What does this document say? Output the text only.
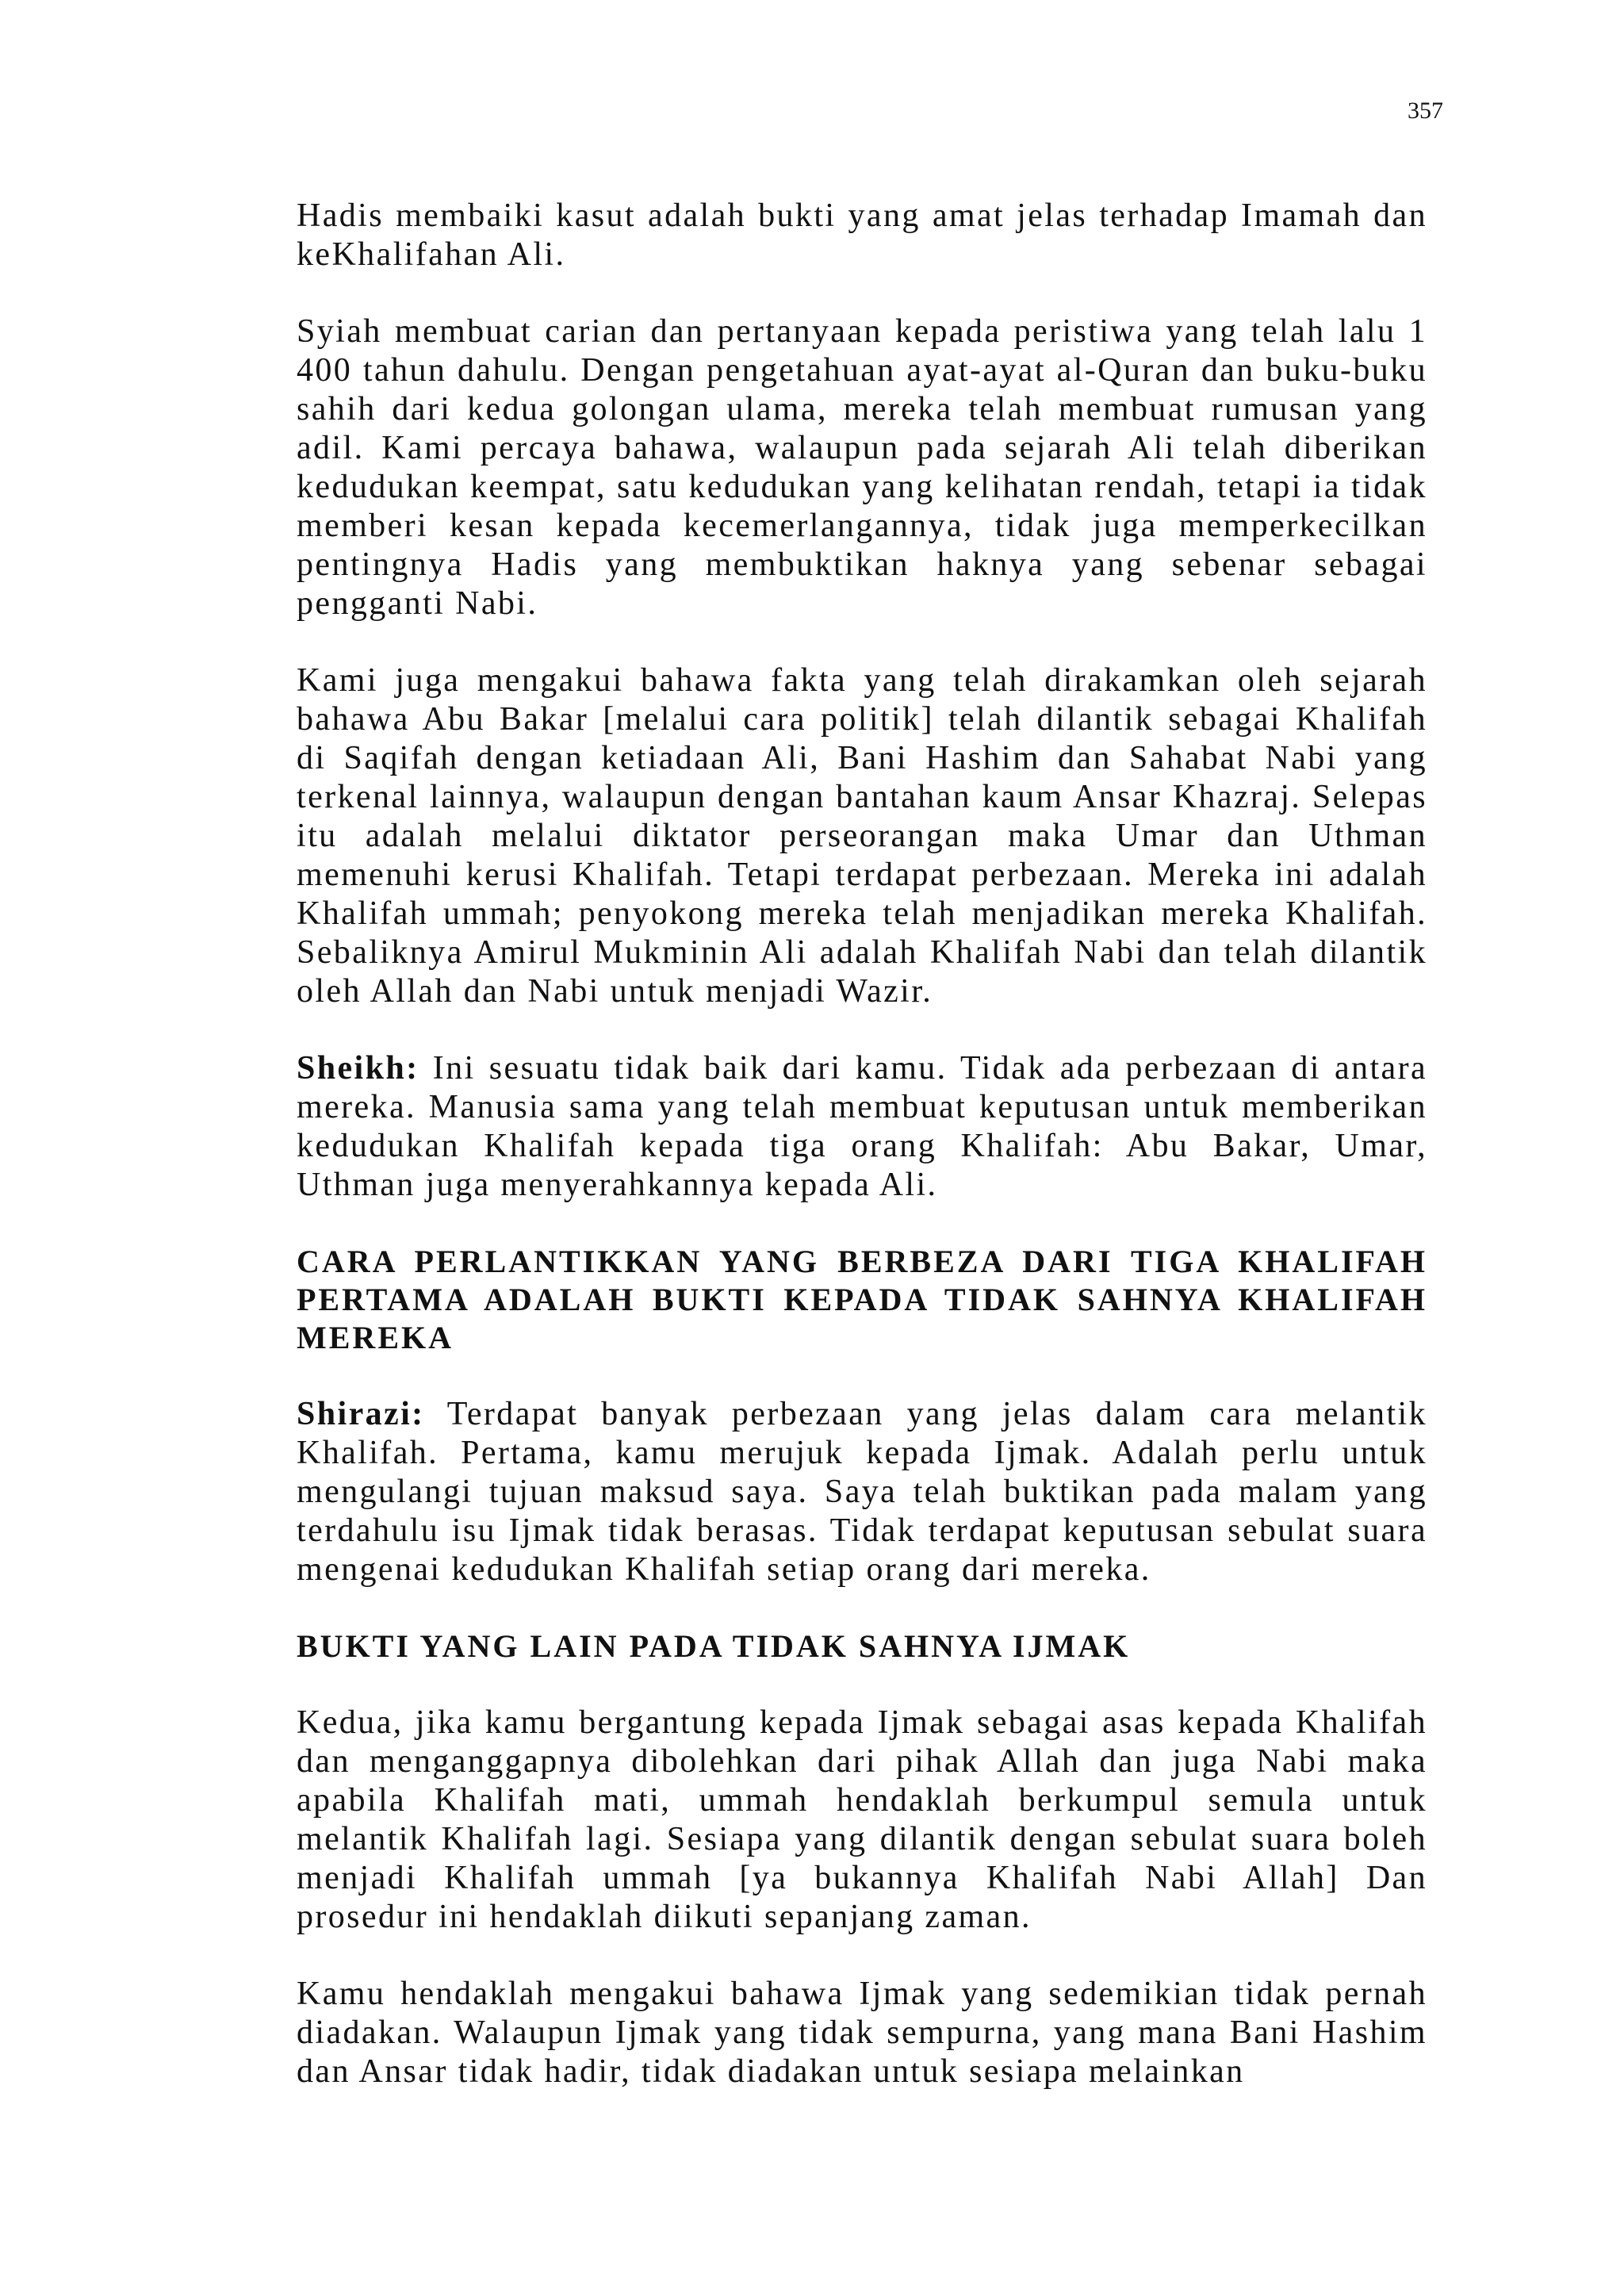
357

Hadis membaiki kasut adalah bukti yang amat jelas terhadap Imamah dan keKhalifahan Ali.

Syiah membuat carian dan pertanyaan kepada peristiwa yang telah lalu 1 400 tahun dahulu. Dengan pengetahuan ayat-ayat al-Quran dan buku-buku sahih dari kedua golongan ulama, mereka telah membuat rumusan yang adil. Kami percaya bahawa, walaupun pada sejarah Ali telah diberikan kedudukan keempat, satu kedudukan yang kelihatan rendah, tetapi ia tidak memberi kesan kepada kecemerlangannya, tidak juga memperkecilkan pentingnya Hadis yang membuktikan haknya yang sebenar sebagai pengganti Nabi.

Kami juga mengakui bahawa fakta yang telah dirakamkan oleh sejarah bahawa Abu Bakar [melalui cara politik] telah dilantik sebagai Khalifah di Saqifah dengan ketiadaan Ali, Bani Hashim dan Sahabat Nabi yang terkenal lainnya, walaupun dengan bantahan kaum Ansar Khazraj. Selepas itu adalah melalui diktator perseorangan maka Umar dan Uthman memenuhi kerusi Khalifah. Tetapi terdapat perbezaan. Mereka ini adalah Khalifah ummah; penyokong mereka telah menjadikan mereka Khalifah. Sebaliknya Amirul Mukminin Ali adalah Khalifah Nabi dan telah dilantik oleh Allah dan Nabi untuk menjadi Wazir.

Sheikh: Ini sesuatu tidak baik dari kamu. Tidak ada perbezaan di antara mereka. Manusia sama yang telah membuat keputusan untuk memberikan kedudukan Khalifah kepada tiga orang Khalifah: Abu Bakar, Umar, Uthman juga menyerahkannya kepada Ali.

CARA PERLANTIKKAN YANG BERBEZA DARI TIGA KHALIFAH PERTAMA ADALAH BUKTI KEPADA TIDAK SAHNYA KHALIFAH MEREKA

Shirazi: Terdapat banyak perbezaan yang jelas dalam cara melantik Khalifah. Pertama, kamu merujuk kepada Ijmak. Adalah perlu untuk mengulangi tujuan maksud saya. Saya telah buktikan pada malam yang terdahulu isu Ijmak tidak berasas. Tidak terdapat keputusan sebulat suara mengenai kedudukan Khalifah setiap orang dari mereka.

BUKTI YANG LAIN PADA TIDAK SAHNYA IJMAK

Kedua, jika kamu bergantung kepada Ijmak sebagai asas kepada Khalifah dan menganggapnya dibolehkan dari pihak Allah dan juga Nabi maka apabila Khalifah mati, ummah hendaklah berkumpul semula untuk melantik Khalifah lagi. Sesiapa yang dilantik dengan sebulat suara boleh menjadi Khalifah ummah [ya bukannya Khalifah Nabi Allah] Dan prosedur ini hendaklah diikuti sepanjang zaman.

Kamu hendaklah mengakui bahawa Ijmak yang sedemikian tidak pernah diadakan. Walaupun Ijmak yang tidak sempurna, yang mana Bani Hashim dan Ansar tidak hadir, tidak diadakan untuk sesiapa melainkan
